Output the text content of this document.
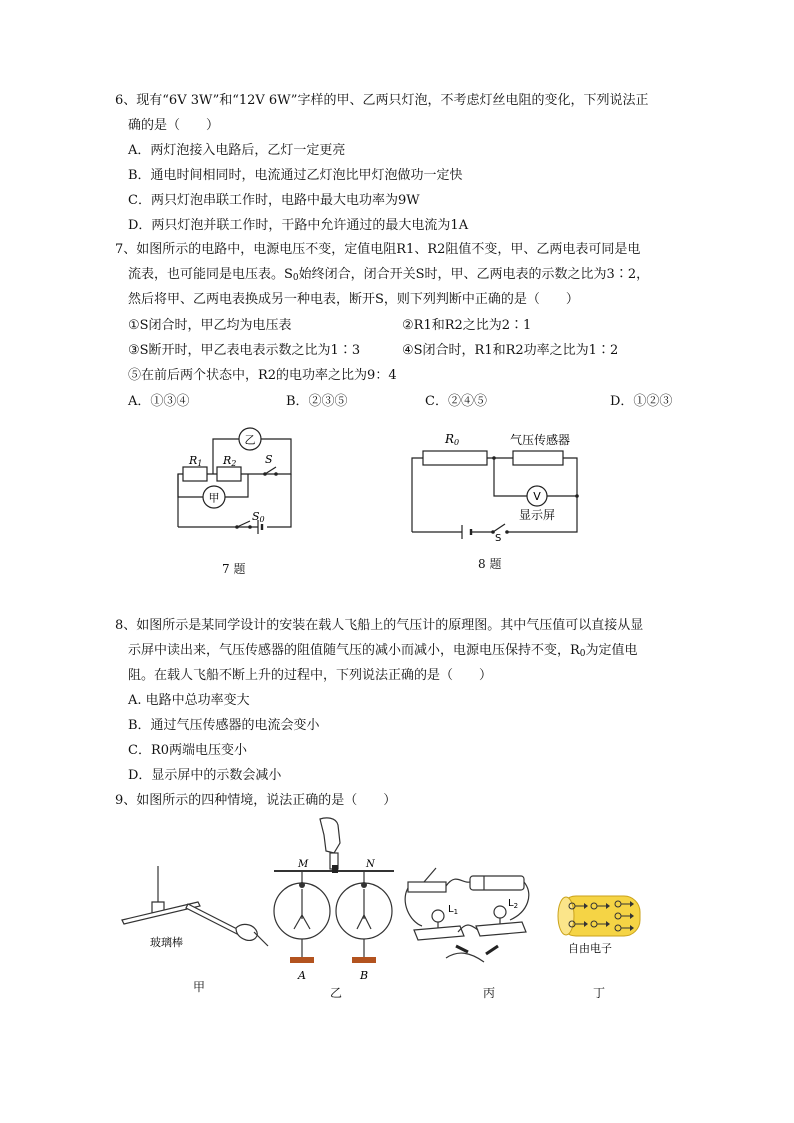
6、现有“6V 3W”和“12V 6W”字样的甲、乙两只灯泡，不考虑灯丝电阻的变化，下列说法正
确的是（　　）
A．两灯泡接入电路后，乙灯一定更亮
B．通电时间相同时，电流通过乙灯泡比甲灯泡做功一定快
C．两只灯泡串联工作时，电路中最大电功率为9W
D．两只灯泡并联工作时，干路中允许通过的最大电流为1A
7、如图所示的电路中，电源电压不变，定值电阻R1、R2阻值不变，甲、乙两电表可同是电
流表，也可能同是电压表。$S_0$始终闭合，闭合开关S时，甲、乙两电表的示数之比为3∶2，
然后将甲、乙两电表换成另一种电表，断开S，则下列判断中正确的是（　　）
①S闭合时，甲乙均为电压表	②R1和R2之比为2∶1
③S断开时，甲乙表电表示数之比为1∶3	④S闭合时，R1和R2功率之比为1∶2
⑤在前后两个状态中，R2的电功率之比为9：4
A．①③④	B．②③⑤	C．②④⑤	D．①②③
乙
甲
R1 R2	S
S0
7 题
R0	气压传感器
V
显示屏
S
8 题
8、如图所示是某同学设计的安装在载人飞船上的气压计的原理图。其中气压值可以直接从显
示屏中读出来，气压传感器的阻值随气压的减小而减小，电源电压保持不变，$R_0$为定值电
阻。在载人飞船不断上升的过程中，下列说法正确的是（　　）
A. 电路中总功率变大
B．通过气压传感器的电流会变小
C．R0两端电压变小
D．显示屏中的示数会减小
9、如图所示的四种情境，说法正确的是（　　）
玻璃棒
甲
M	N
A	B
乙
$L_1$
$L_2$
丙
自由电子
丁
